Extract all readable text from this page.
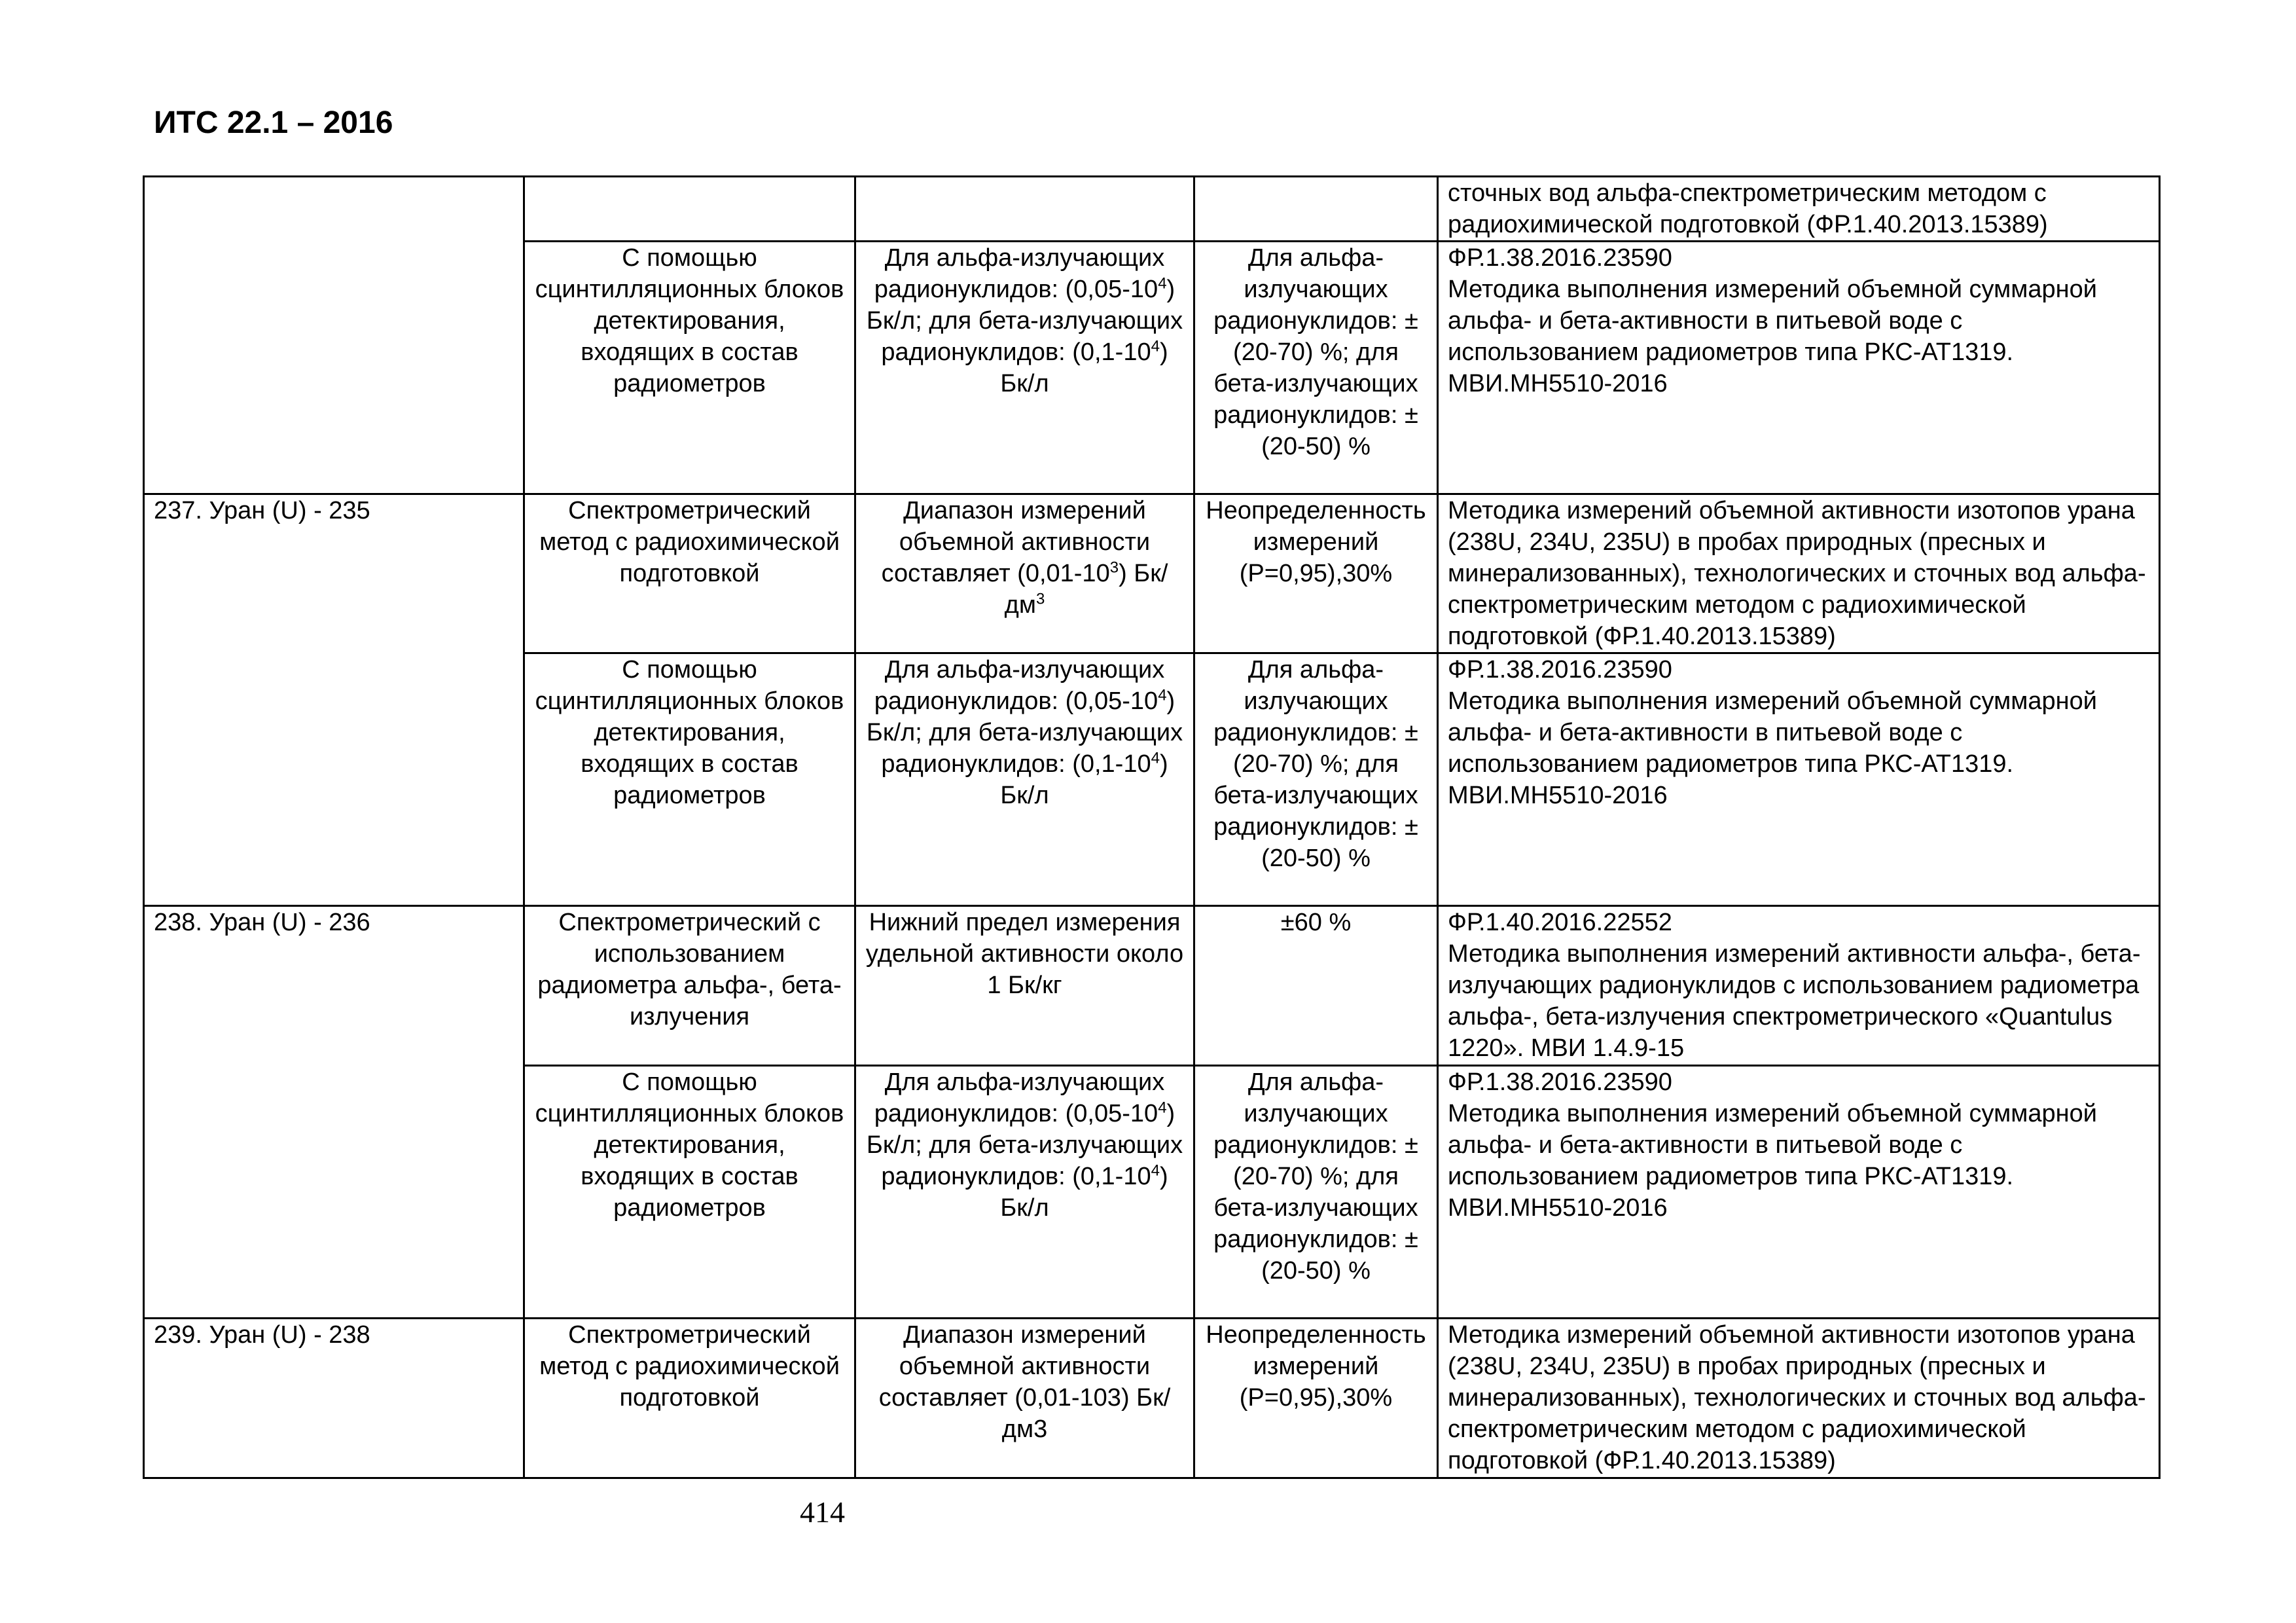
ИТС 22.1 – 2016
				сточных вод альфа-спектрометрическим методом с радиохимической подготовкой (ФР.1.40.2013.15389)
	С помощью сцинтилляционных блоков детектирования, входящих в состав радиометров	Для альфа-излучающих радионуклидов: $(0,05-10^4)$ Бк/л; для бета-излучающих радионуклидов: $(0,1-10^4)$ Бк/л	Для альфа-излучающих радионуклидов: ±(20-70) %; для бета-излучающих радионуклидов: ±(20-50) %	ФР.1.38.2016.23590
Методика выполнения измерений объемной суммарной альфа- и бета-активности в питьевой воде с использованием радиометров типа РКС-АТ1319. МВИ.МН5510-2016

237. Уран (U) - 235	Спектрометрический метод с радиохимической подготовкой	Диапазон измерений объемной активности составляет $(0,01-10^3)$ $Бк/дм^3$	Неопределенность измерений (Р=0,95),30%	Методика измерений объемной активности изотопов урана (238U, 234U, 235U) в пробах природных (пресных и минерализованных), технологических и сточных вод альфа-спектрометрическим методом с радиохимической подготовкой (ФР.1.40.2013.15389)
	С помощью сцинтилляционных блоков детектирования, входящих в состав радиометров	Для альфа-излучающих радионуклидов: $(0,05-10^4)$ Бк/л; для бета-излучающих радионуклидов: $(0,1-10^4)$ Бк/л	Для альфа-излучающих радионуклидов: ±(20-70) %; для бета-излучающих радионуклидов: ±(20-50) %	ФР.1.38.2016.23590
Методика выполнения измерений объемной суммарной альфа- и бета-активности в питьевой воде с использованием радиометров типа РКС-АТ1319. МВИ.МН5510-2016

238. Уран (U) - 236	Спектрометрический с использованием радиометра альфа-, бета-излучения	Нижний предел измерения удельной активности около 1 Бк/кг	±60 %	ФР.1.40.2016.22552
Методика выполнения измерений активности альфа-, бета-излучающих радионуклидов с использованием радиометра альфа-, бета-излучения спектрометрического «Quantulus 1220». МВИ 1.4.9-15

	С помощью сцинтилляционных блоков детектирования, входящих в состав радиометров	Для альфа-излучающих радионуклидов: $(0,05-10^4)$ Бк/л; для бета-излучающих радионуклидов: $(0,1-10^4)$ Бк/л	Для альфа-излучающих радионуклидов: ±(20-70) %; для бета-излучающих радионуклидов: ±(20-50) %	ФР.1.38.2016.23590
Методика выполнения измерений объемной суммарной альфа- и бета-активности в питьевой воде с использованием радиометров типа РКС-АТ1319. МВИ.МН5510-2016

239. Уран (U) - 238	Спектрометрический метод с радиохимической подготовкой	Диапазон измерений объемной активности составляет (0,01-103) Бк/дм3	Неопределенность измерений (Р=0,95),30%	Методика измерений объемной активности изотопов урана (238U, 234U, 235U) в пробах природных (пресных и минерализованных), технологических и сточных вод альфа-спектрометрическим методом с радиохимической подготовкой (ФР.1.40.2013.15389)
414
